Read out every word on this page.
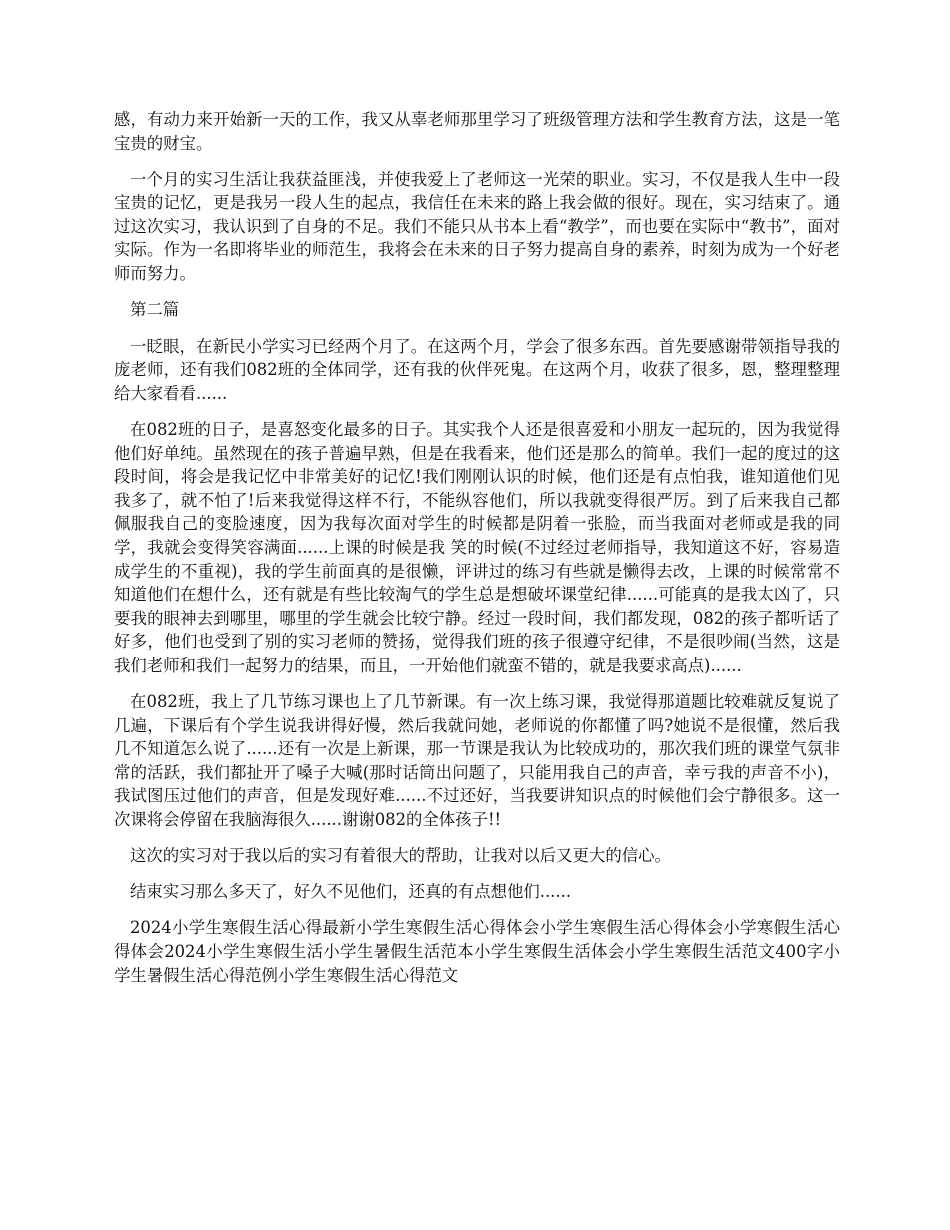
感，有动力来开始新一天的工作，我又从辜老师那里学习了班级管理方法和学生教育方法，这是一笔宝贵的财宝。

一个月的实习生活让我获益匪浅，并使我爱上了老师这一光荣的职业。实习，不仅是我人生中一段宝贵的记忆，更是我另一段人生的起点，我信任在未来的路上我会做的很好。现在，实习结束了。通过这次实习，我认识到了自身的不足。我们不能只从书本上看“教学”，而也要在实际中“教书”，面对实际。作为一名即将毕业的师范生，我将会在未来的日子努力提高自身的素养，时刻为成为一个好老师而努力。

第二篇

一眨眼，在新民小学实习已经两个月了。在这两个月，学会了很多东西。首先要感谢带领指导我的庞老师，还有我们082班的全体同学，还有我的伙伴死鬼。在这两个月，收获了很多，恩，整理整理给大家看看......

在082班的日子，是喜怒变化最多的日子。其实我个人还是很喜爱和小朋友一起玩的，因为我觉得他们好单纯。虽然现在的孩子普遍早熟，但是在我看来，他们还是那么的简单。我们一起的度过的这段时间，将会是我记忆中非常美好的记忆!我们刚刚认识的时候，他们还是有点怕我，谁知道他们见我多了，就不怕了!后来我觉得这样不行，不能纵容他们，所以我就变得很严厉。到了后来我自己都佩服我自己的变脸速度，因为我每次面对学生的时候都是阴着一张脸，而当我面对老师或是我的同学，我就会变得笑容满面......上课的时候是我 笑的时候(不过经过老师指导，我知道这不好，容易造成学生的不重视)，我的学生前面真的是很懒，评讲过的练习有些就是懒得去改，上课的时候常常不知道他们在想什么，还有就是有些比较淘气的学生总是想破坏课堂纪律......可能真的是我太凶了，只要我的眼神去到哪里，哪里的学生就会比较宁静。经过一段时间，我们都发现，082的孩子都听话了好多，他们也受到了别的实习老师的赞扬，觉得我们班的孩子很遵守纪律，不是很吵闹(当然，这是我们老师和我们一起努力的结果，而且，一开始他们就蛮不错的，就是我要求高点)......

在082班，我上了几节练习课也上了几节新课。有一次上练习课，我觉得那道题比较难就反复说了几遍，下课后有个学生说我讲得好慢，然后我就问她，老师说的你都懂了吗?她说不是很懂，然后我几不知道怎么说了......还有一次是上新课，那一节课是我认为比较成功的，那次我们班的课堂气氛非常的活跃，我们都扯开了嗓子大喊(那时话筒出问题了，只能用我自己的声音，幸亏我的声音不小)，我试图压过他们的声音，但是发现好难......不过还好，当我要讲知识点的时候他们会宁静很多。这一次课将会停留在我脑海很久......谢谢082的全体孩子!!

这次的实习对于我以后的实习有着很大的帮助，让我对以后又更大的信心。

结束实习那么多天了，好久不见他们，还真的有点想他们......

2024小学生寒假生活心得最新小学生寒假生活心得体会小学生寒假生活心得体会小学寒假生活心得体会2024小学生寒假生活小学生暑假生活范本小学生寒假生活体会小学生寒假生活范文400字小学生暑假生活心得范例小学生寒假生活心得范文
